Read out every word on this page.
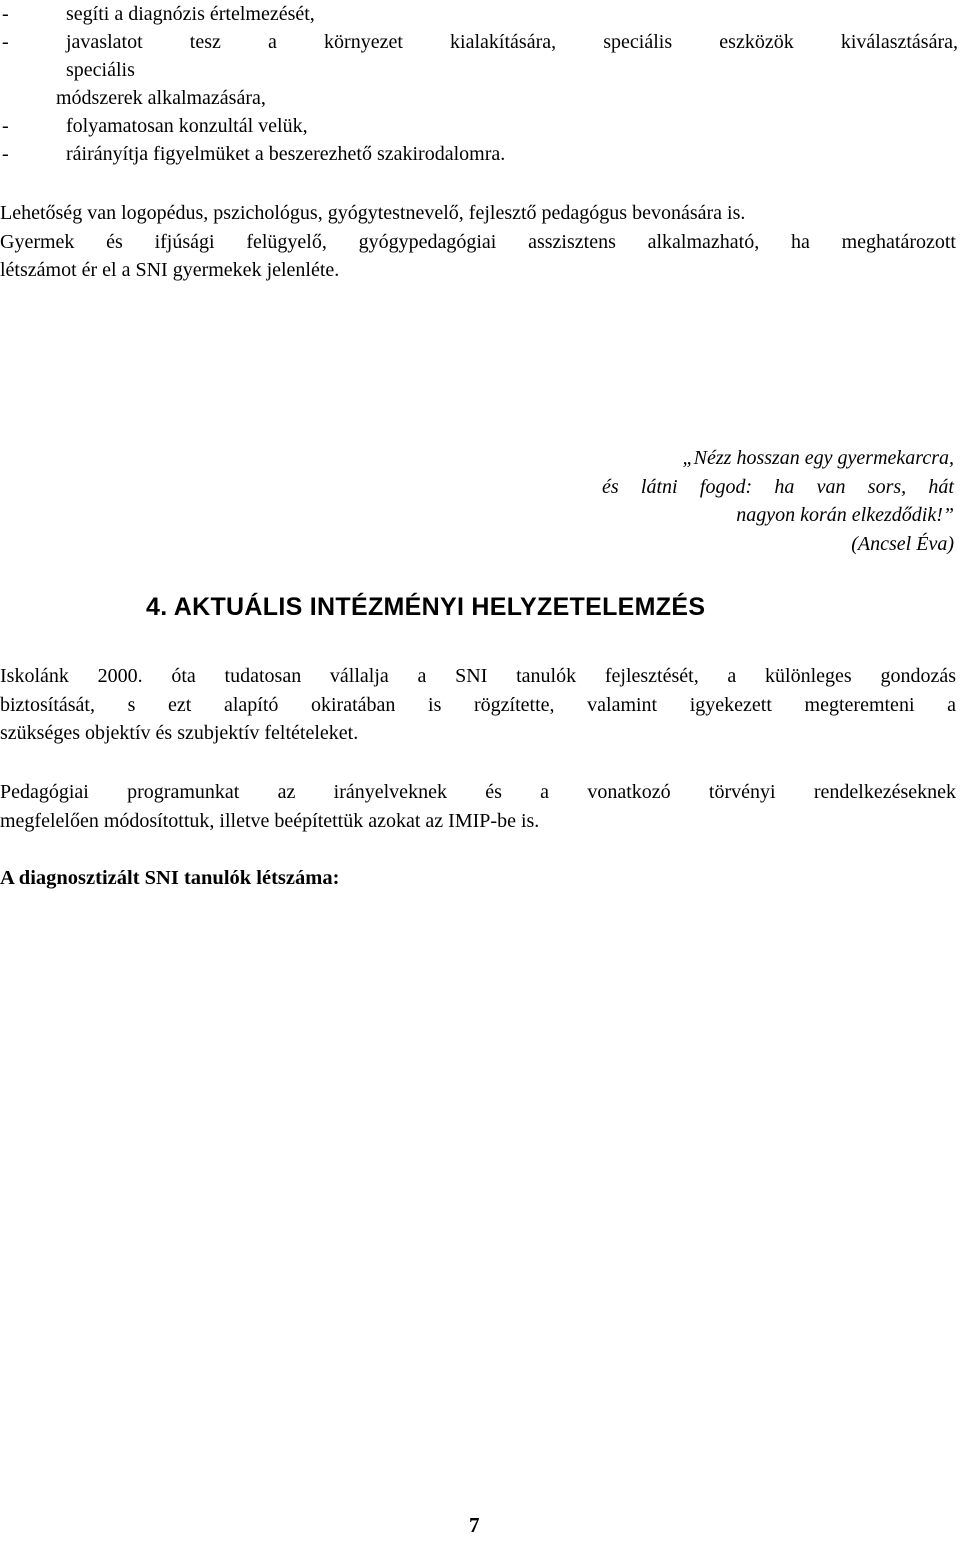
-	segíti a diagnózis értelmezését,
-	javaslatot tesz a környezet kialakítására, speciális eszközök kiválasztására,
speciális
módszerek alkalmazására,
-	folyamatosan konzultál velük,
-	ráirányítja figyelmüket a beszerezhető szakirodalomra.
Lehetőség van logopédus, pszichológus, gyógytestnevelő, fejlesztő pedagógus bevonására is.
Gyermek és ifjúsági felügyelő, gyógypedagógiai asszisztens alkalmazható, ha meghatározott
létszámot ér el a SNI gyermekek jelenléte.
„Nézz hosszan egy gyermekarcra,
és látni fogod: ha van sors, hát
nagyon korán elkezdődik!”
(Ancsel Éva)
4. AKTUÁLIS INTÉZMÉNYI HELYZETELEMZÉS
Iskolánk 2000. óta tudatosan vállalja a SNI tanulók fejlesztését, a különleges gondozás
biztosítását, s ezt alapító okiratában is rögzítette, valamint igyekezett megteremteni a
szükséges objektív és szubjektív feltételeket.
Pedagógiai programunkat az irányelveknek és a vonatkozó törvényi rendelkezéseknek
megfelelően módosítottuk, illetve beépítettük azokat az IMIP-be is.

A diagnosztizált SNI tanulók létszáma:

7
